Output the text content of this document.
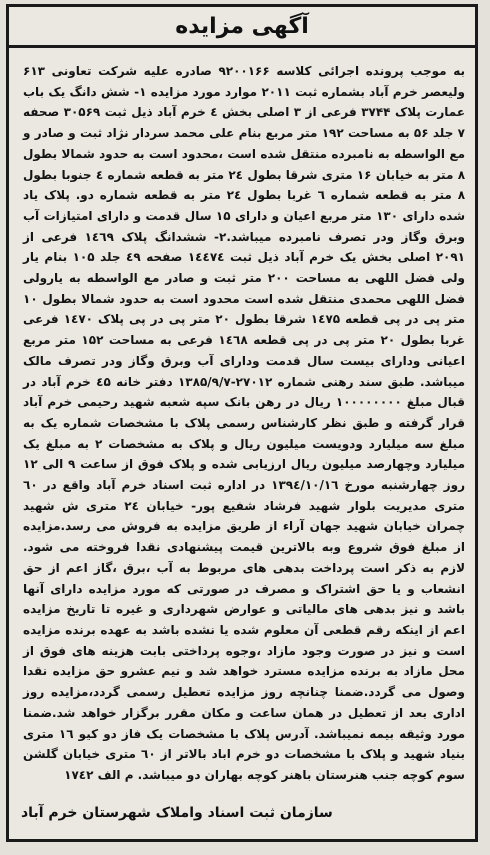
آگهی مزایده
به موجب پرونده اجرائی کلاسه ۹۲۰۰۱۶۶ صادره علیه شرکت تعاونی ۶۱۳ ولیعصر خرم آباد بشماره ثبت ۲۰۱۱ موارد مورد مزایده ۱- شش دانگ یک باب عمارت پلاک ۳۷۴۴ فرعی از ۳ اصلی بخش ٤ خرم آباد ذیل ثبت ۳۰۵۶۹ صحفه ۷ جلد ۵۶ به مساحت ۱۹۲ متر مربع بنام علی محمد سردار نژاد ثبت و صادر و مع الواسطه به نامبرده منتقل شده است ،محدود است به حدود شمالا بطول ۸ متر به خیابان ۱۶ متری شرقا بطول ۲٤ متر به قطعه شماره ٤ جنوبا بطول ۸ متر به قطعه شماره ٦ غربا بطول ۲٤ متر به قطعه شماره دو. پلاک یاد شده دارای ۱۳۰ متر مربع اعیان و دارای ۱۵ سال قدمت و دارای امتیازات آب وبرق وگاز ودر تصرف نامبرده میباشد.۲- ششدانگ پلاک ۱٤٦۹ فرعی از ۲۰۹۱ اصلی بخش یک خرم آباد ذیل ثبت ۱٤٤۷٤ صفحه ٤۹ جلد ۱۰۵ بنام یار ولی فضل اللهی به مساحت ۲۰۰ متر ثبت و صادر مع الواسطه به یارولی فضل اللهی محمدی منتقل شده است محدود است به حدود شمالا بطول ۱۰ متر پی در پی قطعه ۱٤۷۵ شرقا بطول ۲۰ متر پی در پی پلاک ۱٤۷۰ فرعی غربا بطول ۲۰ متر پی در پی قطعه ۱٤٦۸ فرعی به مساحت ۱۵۲ متر مربع اعیانی ودارای بیست سال قدمت ودارای آب وبرق وگاز ودر تصرف مالک میباشد. طبق سند رهنی شماره ۲۷۰۱۲-۱۳۸۵/۹/۷ دفتر خانه ٤۵ خرم آباد در قبال مبلغ ۱۰۰۰۰۰۰۰۰ ریال در رهن بانک سپه شعبه شهید رحیمی خرم آباد قرار گرفته و طبق نظر کارشناس رسمی پلاک با مشخصات شماره یک به مبلغ سه میلیارد ودویست میلیون ریال و پلاک به مشخصات ۲ به مبلغ یک میلیارد وچهارصد میلیون ریال ارزیابی شده و پلاک فوق از ساعت ۹ الی ۱۲ روز چهارشنبه مورخ ۱۳۹٤/۱۰/۱٦ در اداره ثبت اسناد خرم آباد واقع در ٦۰ متری مدیریت بلوار شهید فرشاد شفیع پور- خیابان ۲٤ متری ش شهید چمران خیابان شهید جهان آراء از طریق مزایده به فروش می رسد.مزایده از مبلغ فوق شروع وبه بالاترین قیمت پیشنهادی نقدا فروخته می شود. لازم به ذکر است پرداخت بدهی های مربوط به آب ،برق ،گاز اعم از حق انشعاب و یا حق اشتراک و مصرف در صورتی که مورد مزایده دارای آنها باشد و نیز بدهی های مالیاتی و عوارض شهرداری و غیره تا تاریخ مزایده اعم از اینکه رقم قطعی آن معلوم شده یا نشده باشد به عهده برنده مزایده است و نیز در صورت وجود مازاد ،وجوه پرداختی بابت هزینه های فوق از محل مازاد به برنده مزایده مسترد خواهد شد و نیم عشرو حق مزایده نقدا وصول می گردد.ضمنا چنانچه روز مزایده تعطیل رسمی گردد،مزایده روز اداری بعد از تعطیل در همان ساعت و مکان مقرر برگزار خواهد شد.ضمنا مورد وثیقه بیمه نمیباشد. آدرس پلاک با مشخصات یک فاز دو کیو ۱٦ متری بنیاد شهید و پلاک با مشخصات دو خرم اباد بالاتر از ٦۰ متری خیابان گلشن سوم کوچه جنب هنرستان باهنر کوچه بهاران دو میباشد. م الف ۱۷٤۲
سازمان ثبت اسناد واملاک شهرستان خرم آباد
